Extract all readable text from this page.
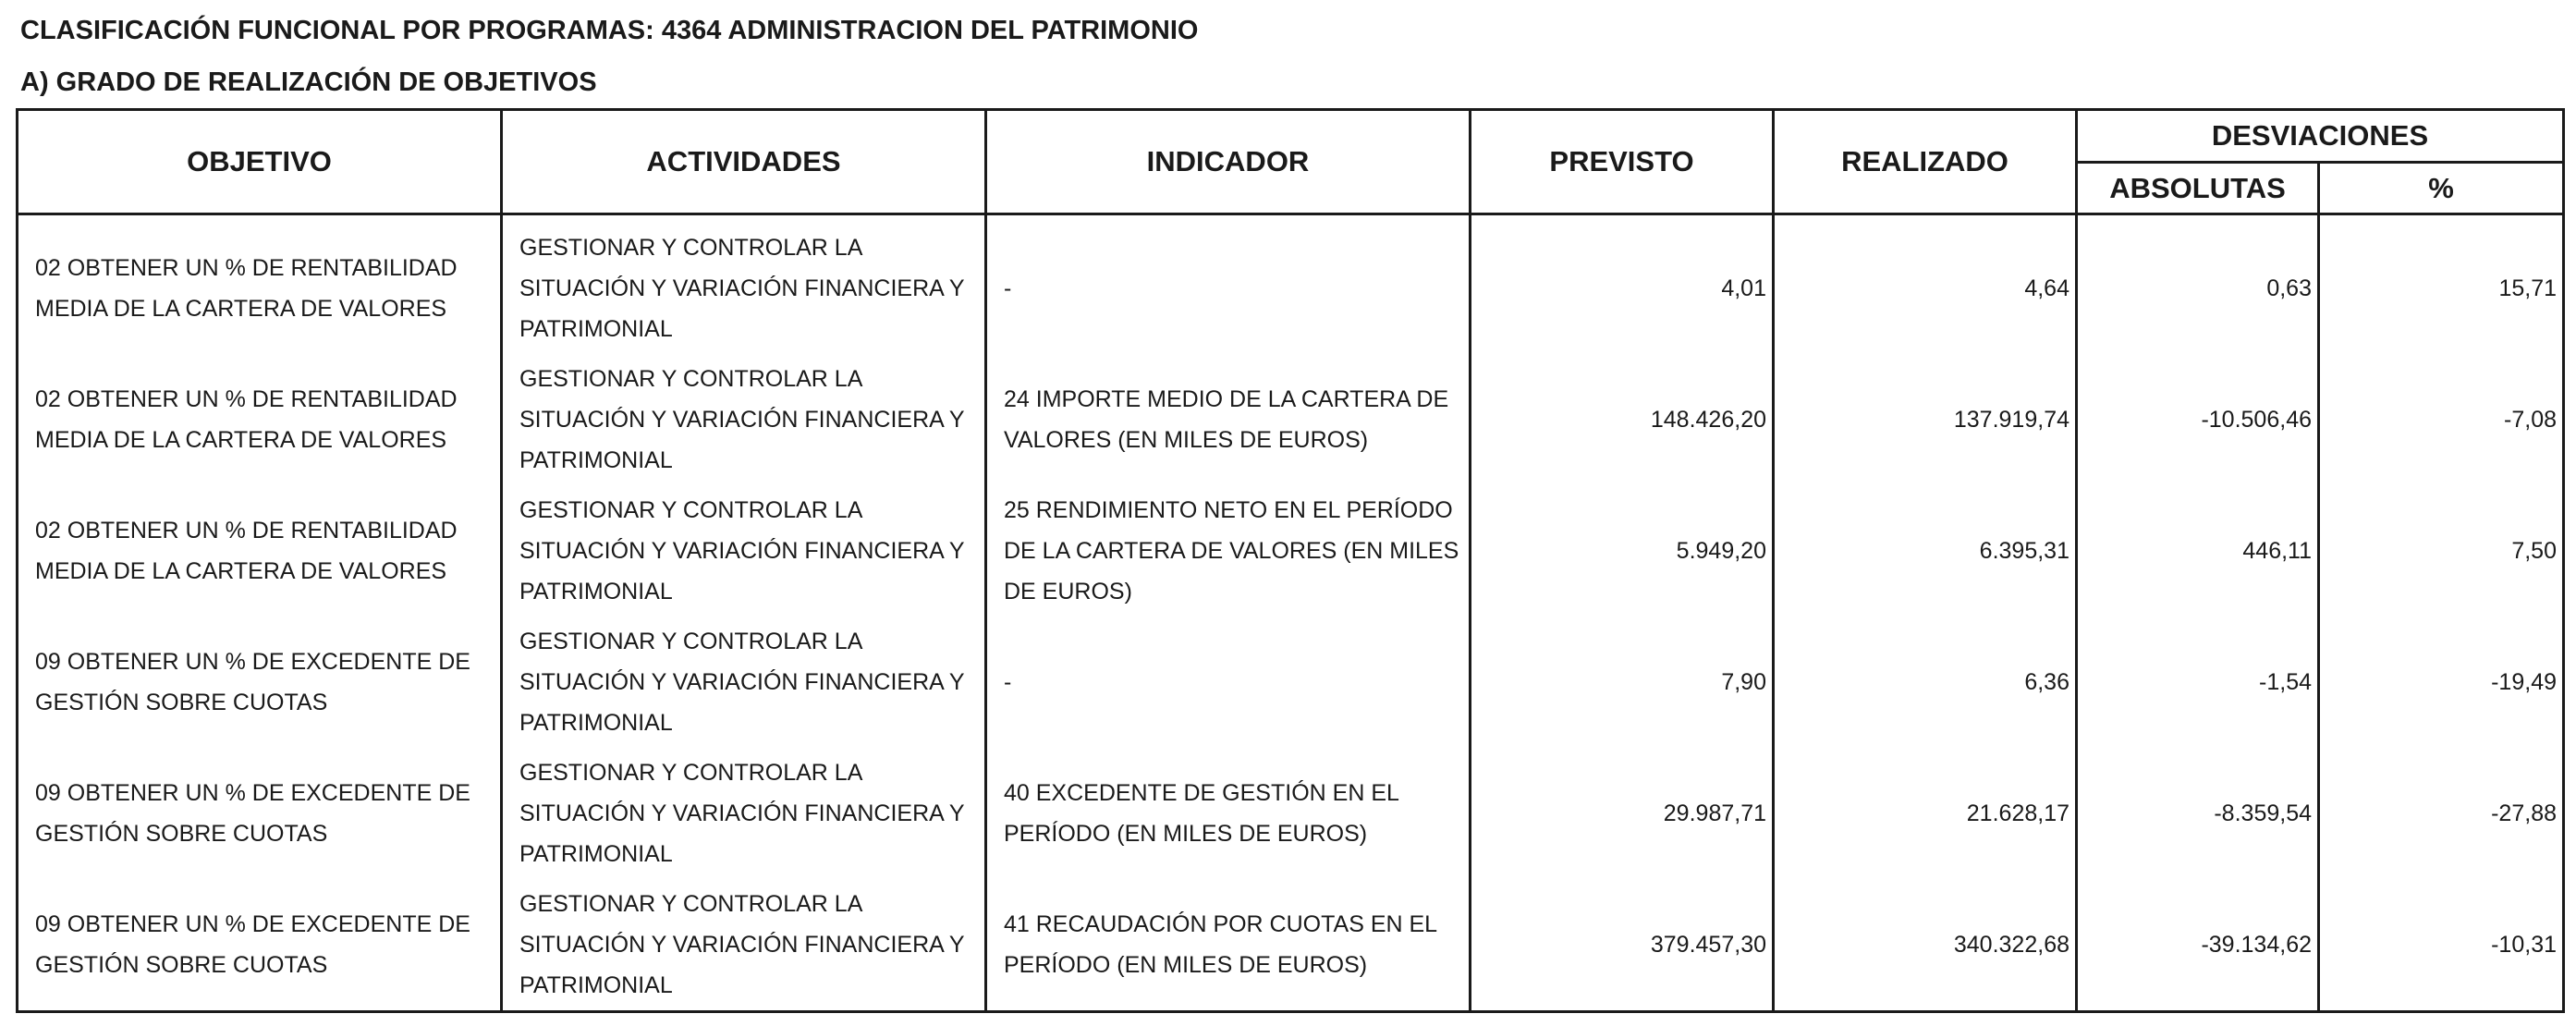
CLASIFICACIÓN FUNCIONAL POR PROGRAMAS: 4364 ADMINISTRACION DEL PATRIMONIO
A) GRADO DE REALIZACIÓN DE OBJETIVOS
OBJETIVO	ACTIVIDADES	INDICADOR	PREVISTO	REALIZADO	DESVIACIONES	
					ABSOLUTAS	%
02 OBTENER UN % DE RENTABILIDAD MEDIA DE LA CARTERA DE VALORES	GESTIONAR Y CONTROLAR LA SITUACIÓN Y VARIACIÓN FINANCIERA Y PATRIMONIAL	-	4,01	4,64	0,63	15,71
02 OBTENER UN % DE RENTABILIDAD MEDIA DE LA CARTERA DE VALORES	GESTIONAR Y CONTROLAR LA SITUACIÓN Y VARIACIÓN FINANCIERA Y PATRIMONIAL	24 IMPORTE MEDIO DE LA CARTERA DE VALORES (EN MILES DE EUROS)	148.426,20	137.919,74	-10.506,46	-7,08
02 OBTENER UN % DE RENTABILIDAD MEDIA DE LA CARTERA DE VALORES	GESTIONAR Y CONTROLAR LA SITUACIÓN Y VARIACIÓN FINANCIERA Y PATRIMONIAL	25 RENDIMIENTO NETO EN EL PERÍODO DE LA CARTERA DE VALORES (EN MILES DE EUROS)	5.949,20	6.395,31	446,11	7,50
09 OBTENER UN % DE EXCEDENTE DE GESTIÓN SOBRE CUOTAS	GESTIONAR Y CONTROLAR LA SITUACIÓN Y VARIACIÓN FINANCIERA Y PATRIMONIAL	-	7,90	6,36	-1,54	-19,49
09 OBTENER UN % DE EXCEDENTE DE GESTIÓN SOBRE CUOTAS	GESTIONAR Y CONTROLAR LA SITUACIÓN Y VARIACIÓN FINANCIERA Y PATRIMONIAL	40 EXCEDENTE DE GESTIÓN EN EL PERÍODO (EN MILES DE EUROS)	29.987,71	21.628,17	-8.359,54	-27,88
09 OBTENER UN % DE EXCEDENTE DE GESTIÓN SOBRE CUOTAS	GESTIONAR Y CONTROLAR LA SITUACIÓN Y VARIACIÓN FINANCIERA Y PATRIMONIAL	41 RECAUDACIÓN POR CUOTAS EN EL PERÍODO (EN MILES DE EUROS)	379.457,30	340.322,68	-39.134,62	-10,31
